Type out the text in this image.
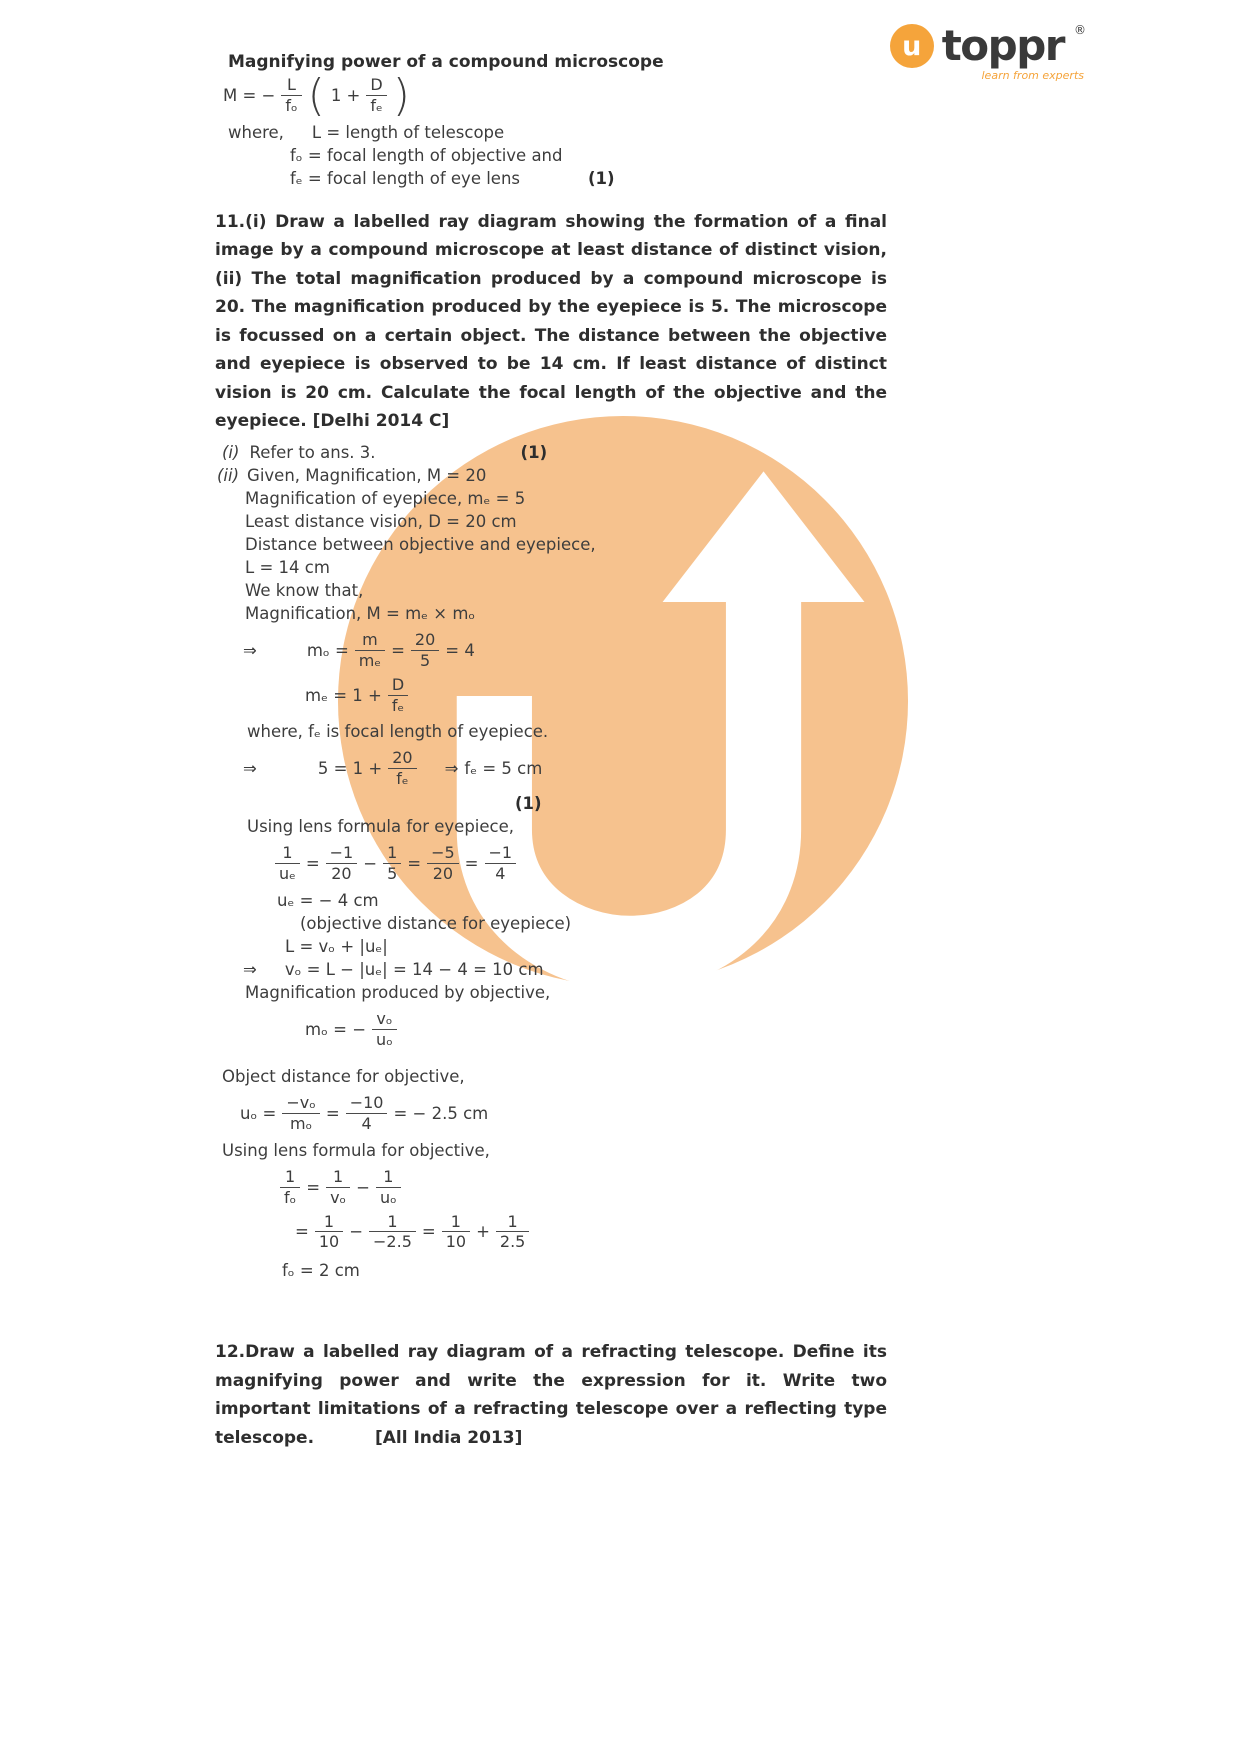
u toppr ®
learn from experts
Magnifying power of a compound microscope
M = − $\frac{L}{\text{fₒ}}$ ( $1 + \frac{D}{\text{fₑ}}$ )
where, L = length of telescope
fₒ = focal length of objective and
fₑ = focal length of eye lens	(1)
11.(i) Draw a labelled ray diagram showing the formation of a final image by a compound microscope at least distance of distinct vision, (ii) The total magnification produced by a compound microscope is 20. The magnification produced by the eyepiece is 5. The microscope is focussed on a certain object. The distance between the objective and eyepiece is observed to be 14 cm. If least distance of distinct vision is 20 cm. Calculate the focal length of the objective and the eyepiece. [Delhi 2014 C]
(i) Refer to ans. 3.	(1)
(ii) Given, Magnification, M = 20
Magnification of eyepiece, mₑ = 5
Least distance vision, D = 20 cm
Distance between objective and eyepiece,
L = 14 cm
We know that,
Magnification, M = mₑ × mₒ
⇒	$m_o = \frac{m}{\text{mₑ}} = \frac{20}{5} = 4$
$m_e = 1 + \frac{D}{\text{fₑ}}$
where, fₑ is focal length of eyepiece.
⇒	$5 = 1 + \frac{20}{\text{fₑ}}$ ⇒ fₑ = 5 cm
(1)
Using lens formula for eyepiece,
$\frac{1}{\text{uₑ}} = \frac{-1}{20} - \frac{1}{5} = \frac{-5}{20} = \frac{-1}{4}$
uₑ = − 4 cm
(objective distance for eyepiece)
L = vₒ + |uₑ|
⇒ vₒ = L − |uₑ| = 14 − 4 = 10 cm
Magnification produced by objective,
mₒ = − $\frac{\text{vₒ}}{\text{uₒ}}$
Object distance for objective,
$u_o = \frac{\text{−vₒ}}{\text{mₒ}} = \frac{-10}{4}$ = − 2.5 cm
Using lens formula for objective,
$\frac{1}{\text{fₒ}} = \frac{1}{\text{vₒ}} - \frac{1}{\text{uₒ}}$
= $\frac{1}{10} - \frac{1}{-2.5} = \frac{1}{10} + \frac{1}{2.5}$
fₒ = 2 cm
12.Draw a labelled ray diagram of a refracting telescope. Define its magnifying power and write the expression for it. Write two important limitations of a refracting telescope over a reflecting type telescope.	[All India 2013]
